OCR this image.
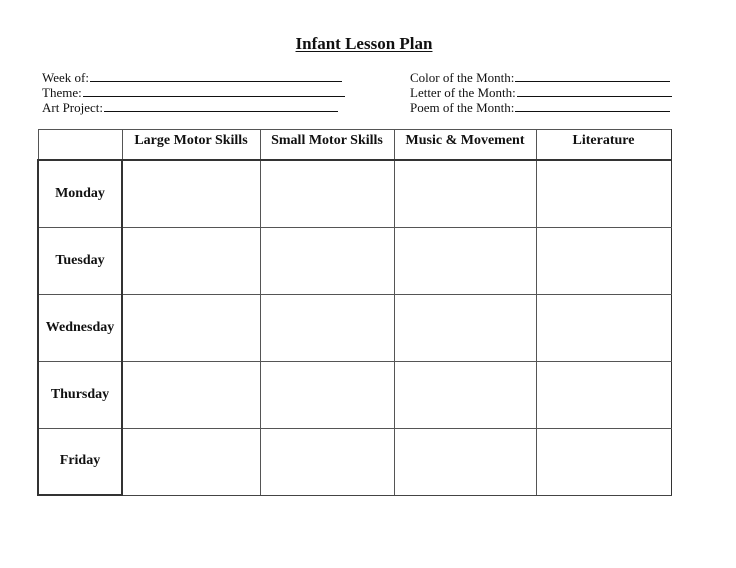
Infant Lesson Plan
Week of:
Theme:
Art Project:
Color of the Month:
Letter of the Month:
Poem of the Month:
	Large Motor Skills	Small Motor Skills	Music & Movement	Literature
Monday				
Tuesday				
Wednesday				
Thursday				
Friday				
